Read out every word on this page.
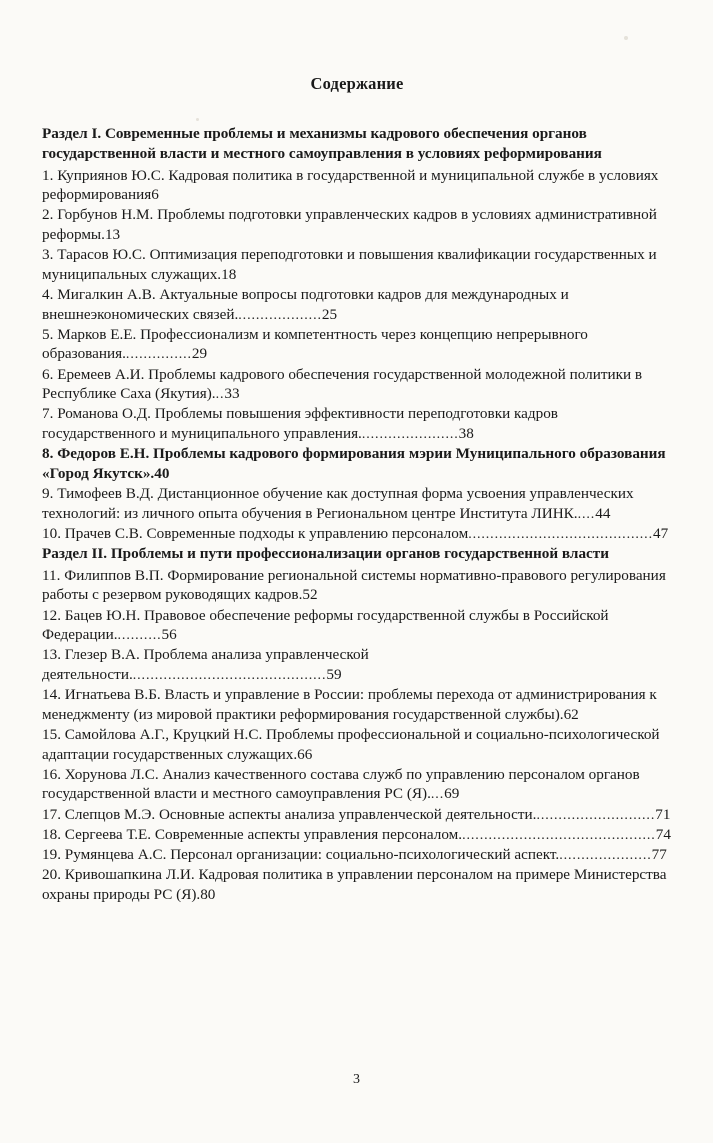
Содержание
Раздел I. Современные проблемы и механизмы кадрового обеспечения органов государственной власти и местного самоуправления в условиях реформирования
1. Куприянов Ю.С. Кадровая политика в государственной и муниципальной службе в условиях реформирования6
2. Горбунов Н.М. Проблемы подготовки управленческих кадров в условиях административной реформы.13
3. Тарасов Ю.С. Оптимизация переподготовки и повышения квалификации государственных и муниципальных служащих.18
4. Мигалкин А.В. Актуальные вопросы подготовки кадров для международных и внешнеэкономических связей....................25
5. Марков Е.Е. Профессионализм и компетентность через концепцию непрерывного образования................29
6. Еремеев А.И. Проблемы кадрового обеспечения государственной молодежной политики в Республике Саха (Якутия)...33
7. Романова О.Д. Проблемы повышения эффективности переподготовки кадров государственного и муниципального управления.......................38
8. Федоров Е.Н. Проблемы кадрового формирования мэрии Муниципального образования «Город Якутск».40
9. Тимофеев В.Д. Дистанционное обучение как доступная форма усвоения управленческих технологий: из личного опыта обучения в Региональном центре Института ЛИНК.....44
10. Прачев С.В. Современные подходы к управлению персоналом..........................................47
Раздел II. Проблемы и пути профессионализации органов государственной власти
11. Филиппов В.П. Формирование региональной системы нормативно-правового регулирования работы с резервом руководящих кадров.52
12. Бацев Ю.Н. Правовое обеспечение реформы государственной службы в Российской Федерации...........56
13. Глезер В.А. Проблема анализа управленческой деятельности.............................................59
14. Игнатьева В.Б. Власть и управление в России: проблемы перехода от администрирования к менеджменту (из мировой практики реформирования государственной службы).62
15. Самойлова А.Г., Круцкий Н.С. Проблемы профессиональной и социально-психологической адаптации государственных служащих.66
16. Хорунова Л.С. Анализ качественного состава служб по управлению персоналом органов государственной власти и местного самоуправления РС (Я)....69
17. Слепцов М.Э. Основные аспекты анализа управленческой деятельности............................71
18. Сергеева Т.Е. Современные аспекты управления персоналом.............................................74
19. Румянцева А.С. Персонал организации: социально-психологический аспект......................77
20. Кривошапкина Л.И. Кадровая политика в управлении персоналом на примере Министерства охраны природы РС (Я).80
3
